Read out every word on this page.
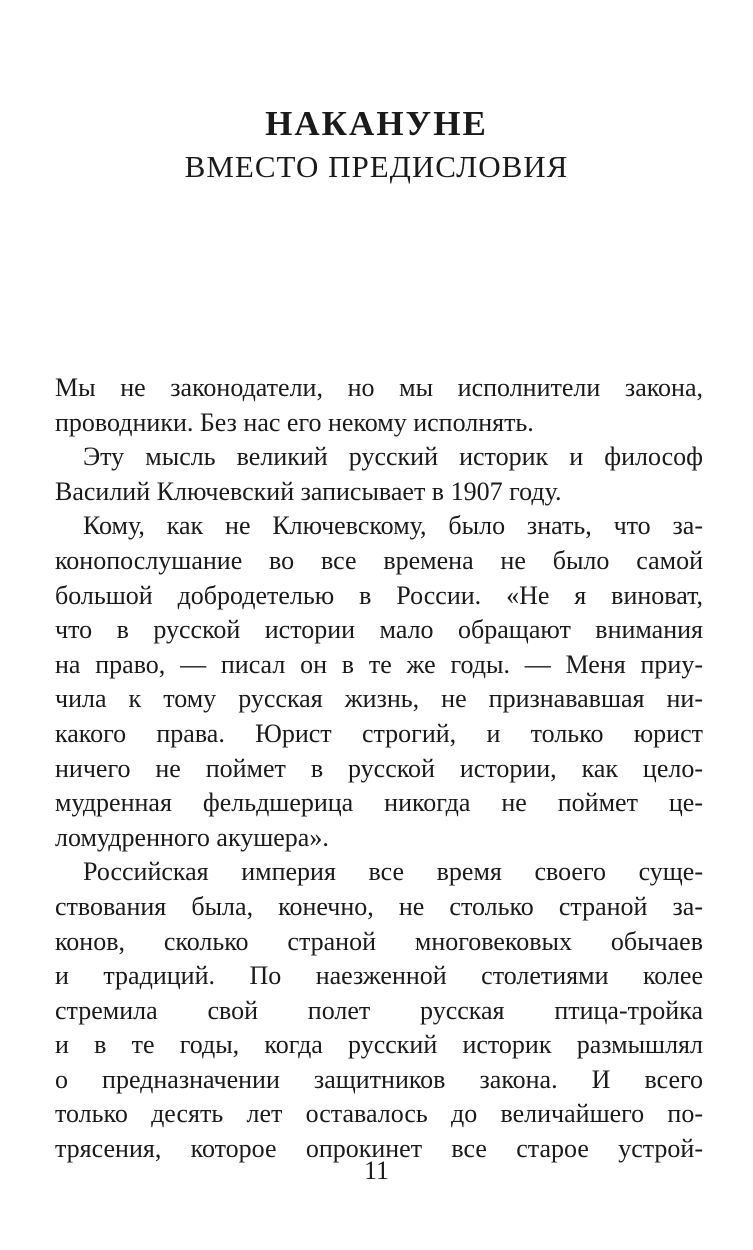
НАКАНУНЕ
ВМЕСТО ПРЕДИСЛОВИЯ
Мы не законодатели, но мы исполнители закона,
проводники. Без нас его некому исполнять.
Эту мысль великий русский историк и философ
Василий Ключевский записывает в 1907 году.
Кому, как не Ключевскому, было знать, что за-
конопослушание во все времена не было самой
большой добродетелью в России. «Не я виноват,
что в русской истории мало обращают внимания
на право, — писал он в те же годы. — Меня приу-
чила к тому русская жизнь, не признававшая ни-
какого права. Юрист строгий, и только юрист
ничего не поймет в русской истории, как цело-
мудренная фельдшерица никогда не поймет це-
ломудренного акушера».
Российская империя все время своего суще-
ствования была, конечно, не столько страной за-
конов, сколько страной многовековых обычаев
и традиций. По наезженной столетиями колее
стремила свой полет русская птица-тройка
и в те годы, когда русский историк размышлял
о предназначении защитников закона. И всего
только десять лет оставалось до величайшего по-
трясения, которое опрокинет все старое устрой-
11
